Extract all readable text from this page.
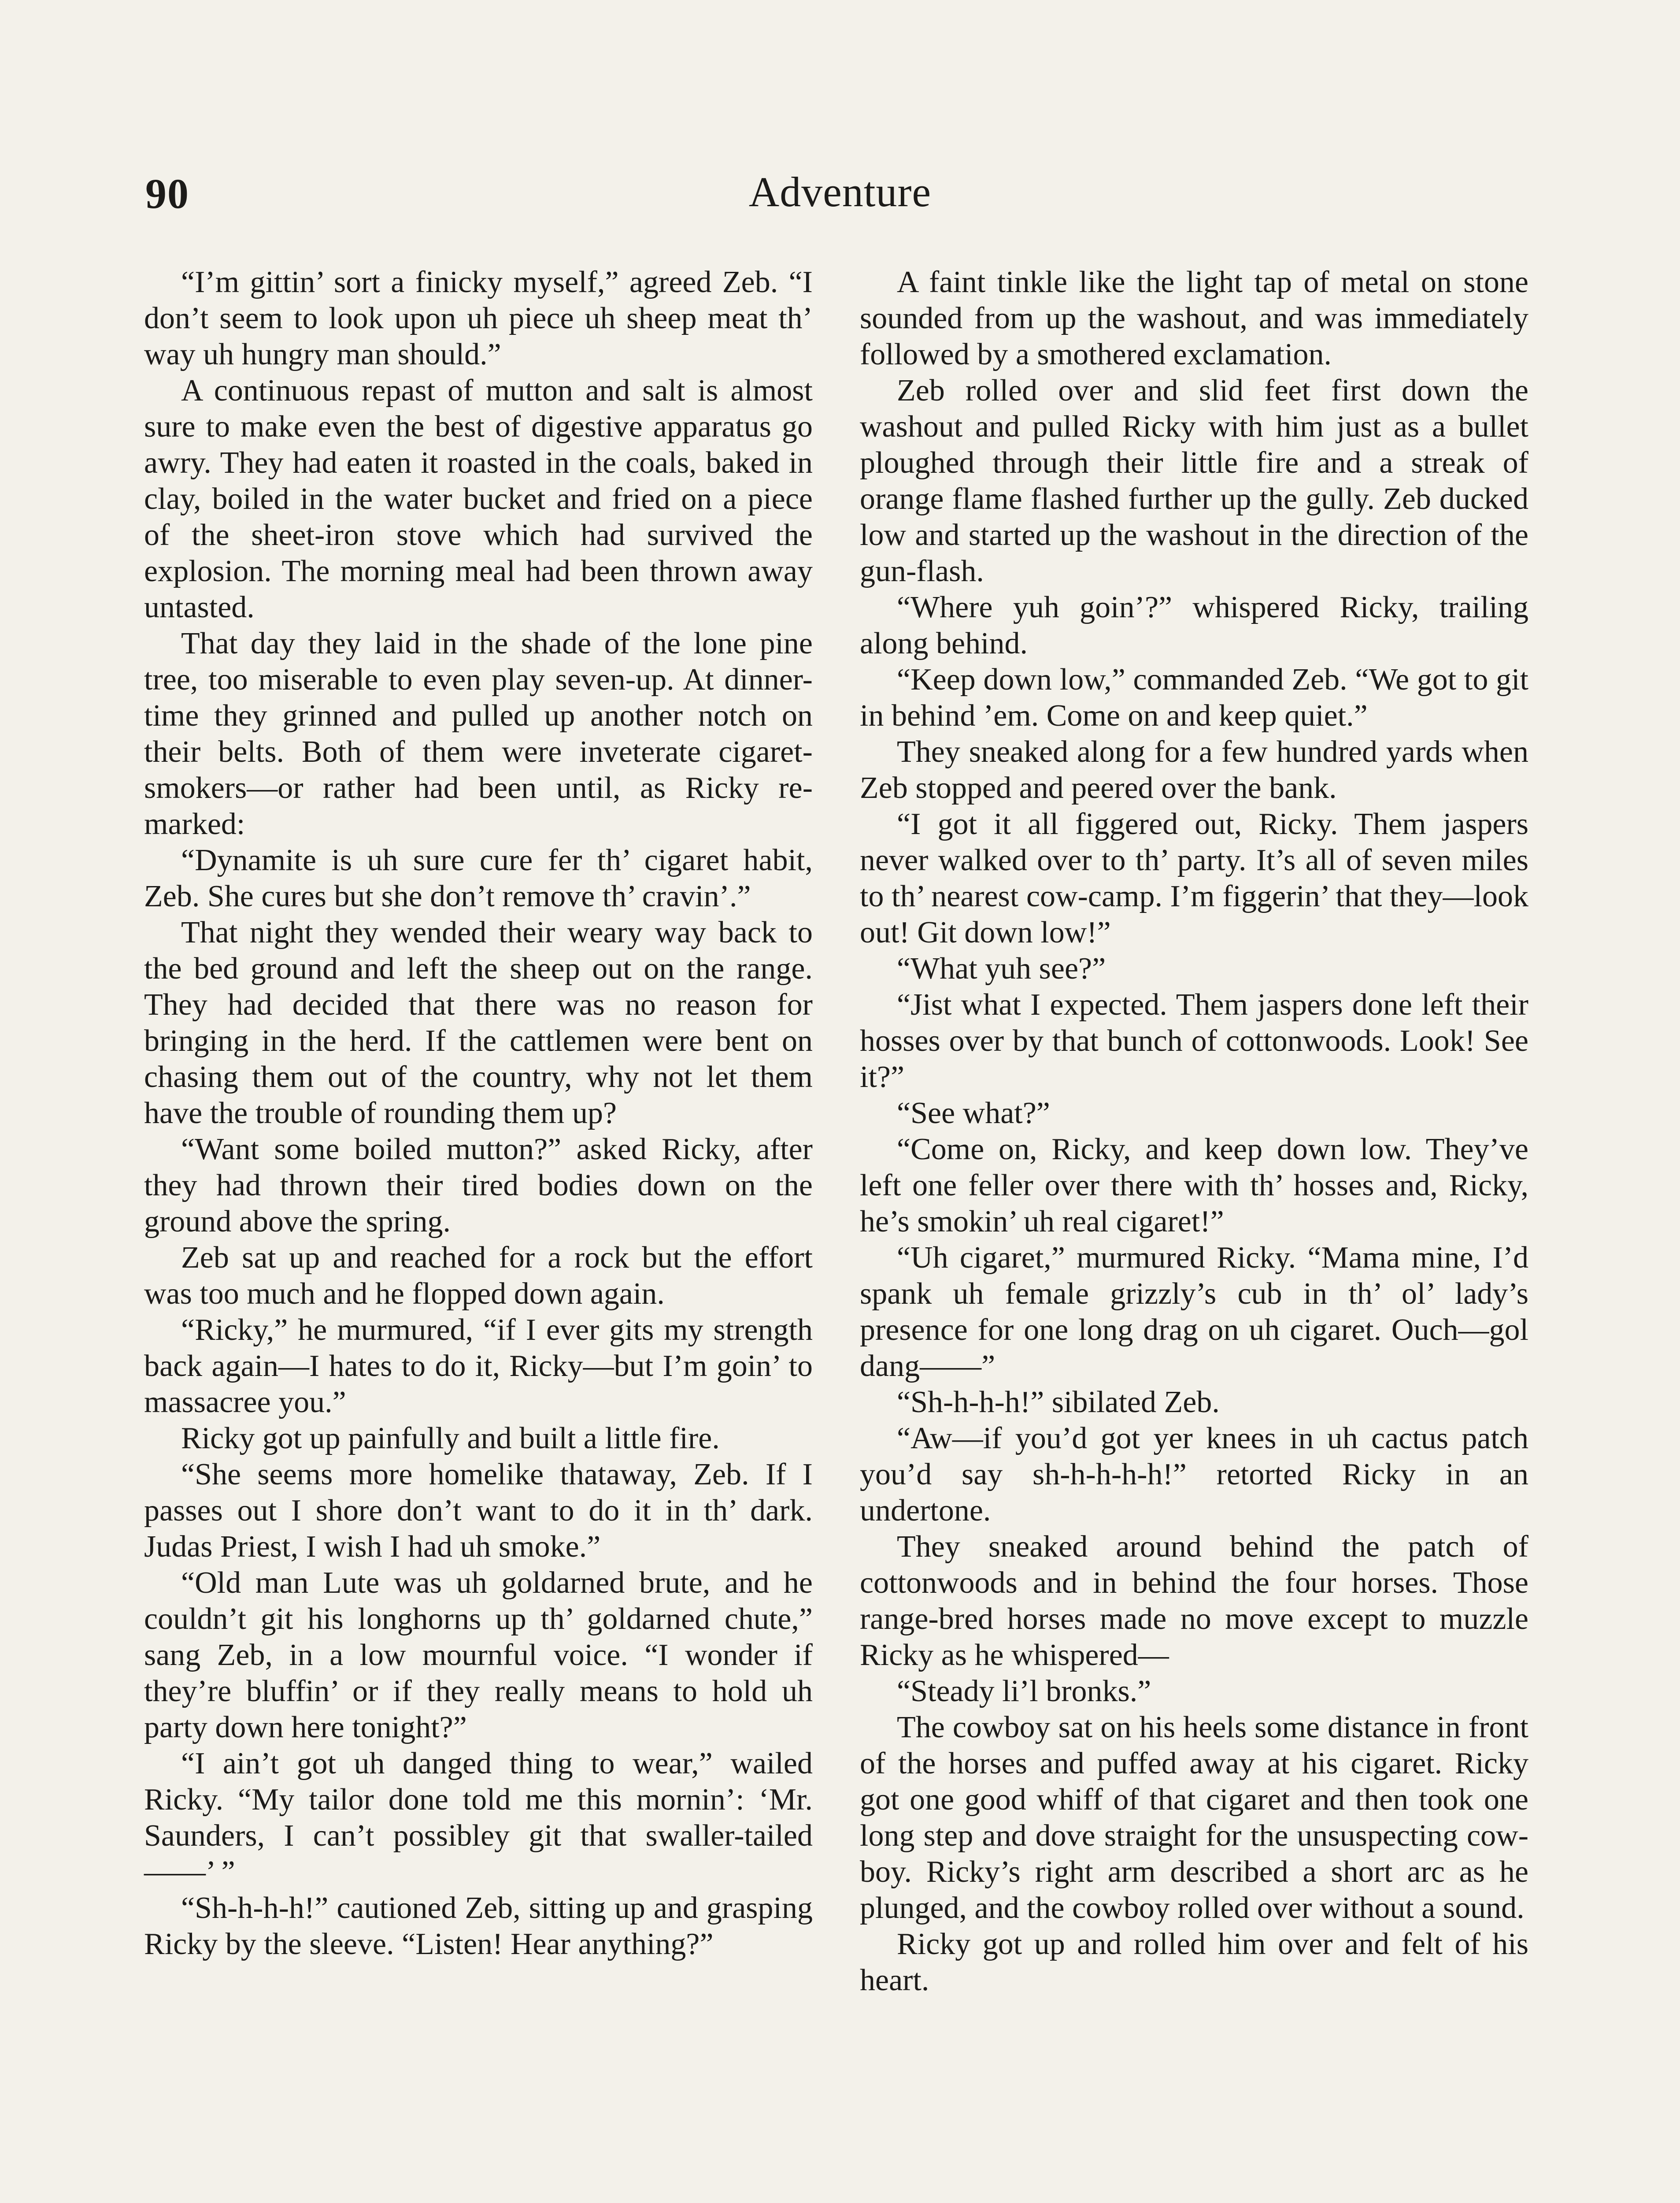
90	Adventure

“I’m gittin’ sort a finicky myself,” agreed Zeb. “I don’t seem to look upon uh piece uh sheep meat th’ way uh hungry man should.”

A continuous repast of mutton and salt is almost sure to make even the best of digestive apparatus go awry. They had eaten it roasted in the coals, baked in clay, boiled in the water bucket and fried on a piece of the sheet-iron stove which had survived the explosion. The morning meal had been thrown away untasted.

That day they laid in the shade of the lone pine tree, too miserable to even play seven-up. At dinner-time they grinned and pulled up another notch on their belts. Both of them were inveterate cigaret-smokers—or rather had been until, as Ricky remarked:

“Dynamite is uh sure cure fer th’ cigaret habit, Zeb. She cures but she don’t remove th’ cravin’.”

That night they wended their weary way back to the bed ground and left the sheep out on the range. They had decided that there was no reason for bringing in the herd. If the cattlemen were bent on chasing them out of the country, why not let them have the trouble of rounding them up?

“Want some boiled mutton?” asked Ricky, after they had thrown their tired bodies down on the ground above the spring.

Zeb sat up and reached for a rock but the effort was too much and he flopped down again.

“Ricky,” he murmured, “if I ever gits my strength back again—I hates to do it, Ricky—but I’m goin’ to massacree you.”

Ricky got up painfully and built a little fire.

“She seems more homelike thataway, Zeb. If I passes out I shore don’t want to do it in th’ dark. Judas Priest, I wish I had uh smoke.”

“Old man Lute was uh goldarned brute, and he couldn’t git his longhorns up th’ goldarned chute,” sang Zeb, in a low mournful voice. “I wonder if they’re bluffin’ or if they really means to hold uh party down here tonight?”

“I ain’t got uh danged thing to wear,” wailed Ricky. “My tailor done told me this mornin’: ‘Mr. Saunders, I can’t possibley git that swaller-tailed——’ ”

“Sh-h-h-h!” cautioned Zeb, sitting up and grasping Ricky by the sleeve. “Listen! Hear anything?”

A faint tinkle like the light tap of metal on stone sounded from up the washout, and was immediately followed by a smothered exclamation.

Zeb rolled over and slid feet first down the washout and pulled Ricky with him just as a bullet ploughed through their little fire and a streak of orange flame flashed further up the gully. Zeb ducked low and started up the washout in the direction of the gun-flash.

“Where yuh goin’?” whispered Ricky, trailing along behind.

“Keep down low,” commanded Zeb. “We got to git in behind ’em. Come on and keep quiet.”

They sneaked along for a few hundred yards when Zeb stopped and peered over the bank.

“I got it all figgered out, Ricky. Them jaspers never walked over to th’ party. It’s all of seven miles to th’ nearest cow-camp. I’m figgerin’ that they—look out! Git down low!”

“What yuh see?”

“Jist what I expected. Them jaspers done left their hosses over by that bunch of cottonwoods. Look! See it?”

“See what?”

“Come on, Ricky, and keep down low. They’ve left one feller over there with th’ hosses and, Ricky, he’s smokin’ uh real cigaret!”

“Uh cigaret,” murmured Ricky. “Mama mine, I’d spank uh female grizzly’s cub in th’ ol’ lady’s presence for one long drag on uh cigaret. Ouch—gol dang——”

“Sh-h-h-h!” sibilated Zeb.

“Aw—if you’d got yer knees in uh cactus patch you’d say sh-h-h-h-h!” retorted Ricky in an undertone.

They sneaked around behind the patch of cottonwoods and in behind the four horses. Those range-bred horses made no move except to muzzle Ricky as he whispered—

“Steady li’l bronks.”

The cowboy sat on his heels some distance in front of the horses and puffed away at his cigaret. Ricky got one good whiff of that cigaret and then took one long step and dove straight for the unsuspecting cowboy. Ricky’s right arm described a short arc as he plunged, and the cowboy rolled over without a sound.

Ricky got up and rolled him over and felt of his heart.
